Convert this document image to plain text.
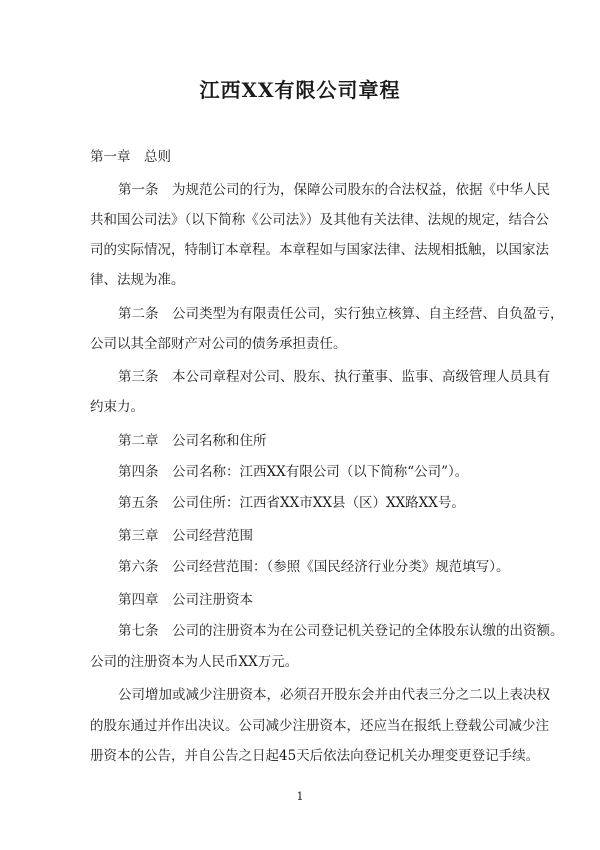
江西XX有限公司章程

第一章　总则

第一条　为规范公司的行为，保障公司股东的合法权益，依据《中华人民

共和国公司法》（以下简称《公司法》）及其他有关法律、法规的规定，结合公

司的实际情况，特制订本章程。本章程如与国家法律、法规相抵触，以国家法

律、法规为准。

第二条　公司类型为有限责任公司，实行独立核算、自主经营、自负盈亏，

公司以其全部财产对公司的债务承担责任。

第三条　本公司章程对公司、股东、执行董事、监事、高级管理人员具有

约束力。

第二章　公司名称和住所

第四条　公司名称：江西XX有限公司（以下简称“公司”）。

第五条　公司住所：江西省XX市XX县（区）XX路XX号。

第三章　公司经营范围

第六条　公司经营范围：（参照《国民经济行业分类》规范填写）。

第四章　公司注册资本

第七条　公司的注册资本为在公司登记机关登记的全体股东认缴的出资额。

公司的注册资本为人民币XX万元。

公司增加或减少注册资本，必须召开股东会并由代表三分之二以上表决权

的股东通过并作出决议。公司减少注册资本，还应当在报纸上登载公司减少注

册资本的公告，并自公告之日起45天后依法向登记机关办理变更登记手续。

1
